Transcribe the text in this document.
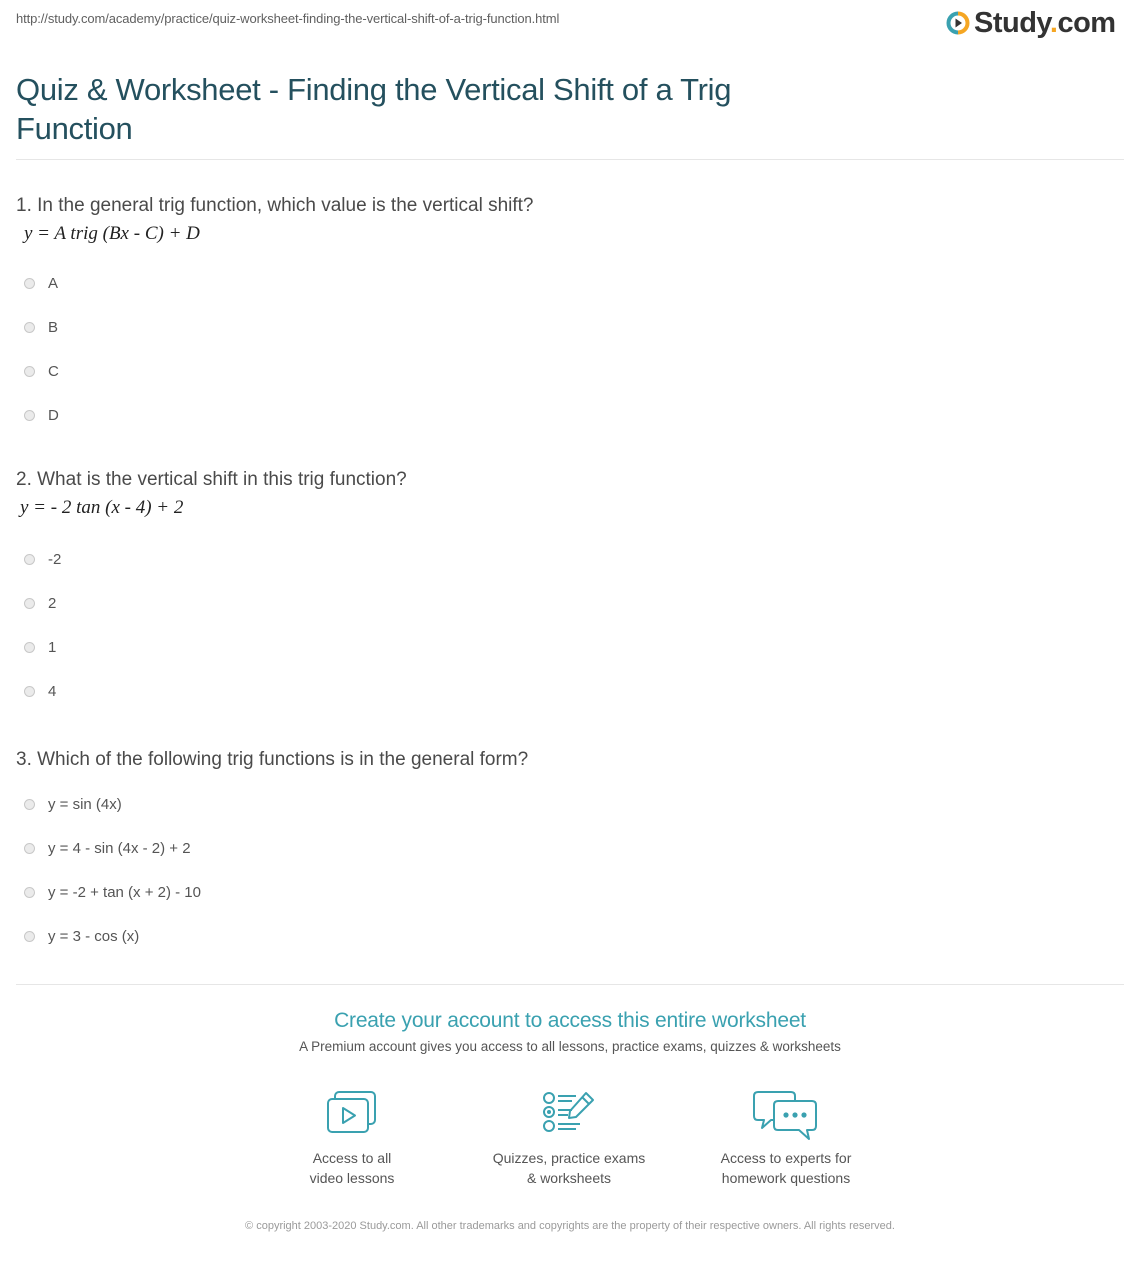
http://study.com/academy/practice/quiz-worksheet-finding-the-vertical-shift-of-a-trig-function.html	Study.com
Quiz & Worksheet - Finding the Vertical Shift of a Trig Function
1. In the general trig function, which value is the vertical shift?
y = A trig (Bx - C) + D
A
B
C
D
2. What is the vertical shift in this trig function?
y = - 2 tan (x - 4) + 2
-2
2
1
4
3. Which of the following trig functions is in the general form?
y = sin (4x)
y = 4 - sin (4x - 2) + 2
y = -2 + tan (x + 2) - 10
y = 3 - cos (x)
Create your account to access this entire worksheet
A Premium account gives you access to all lessons, practice exams, quizzes & worksheets
Access to all
video lessons
Quizzes, practice exams
& worksheets
Access to experts for
homework questions
© copyright 2003-2020 Study.com. All other trademarks and copyrights are the property of their respective owners. All rights reserved.
